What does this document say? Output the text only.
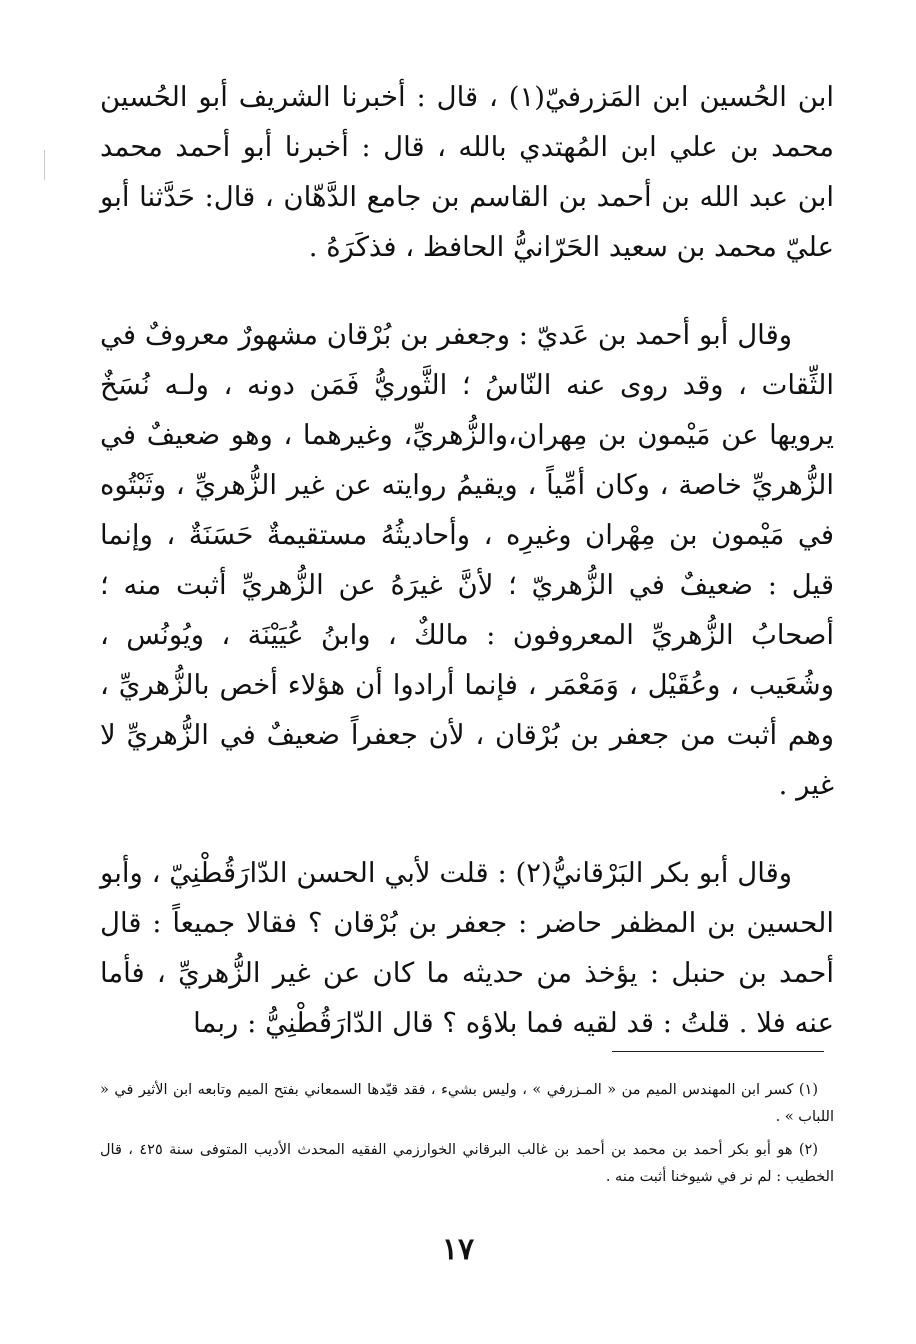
ابن الحُسين ابن المَزرفيّ(١) ، قال : أخبرنا الشريف أبو الحُسين محمد بن علي ابن المُهتدي بالله ، قال : أخبرنا أبو أحمد محمد ابن عبد الله بن أحمد بن القاسم بن جامع الدَّهّان ، قال: حَدَّثنا أبو عليّ محمد بن سعيد الحَرّانيُّ الحافظ ، فذكَرَهُ .

وقال أبو أحمد بن عَديّ : وجعفر بن بُرْقان مشهورٌ معروفٌ في الثِّقات ، وقد روى عنه النّاسُ ؛ الثَّوريُّ فَمَن دونه ، ولـه نُسَخٌ يرويها عن مَيْمون بن مِهران،والزُّهريِّ، وغيرهما ، وهو ضعيفٌ في الزُّهريِّ خاصة ، وكان أمِّياً ، ويقيمُ روايته عن غير الزُّهريِّ ، وثَبْتُوه في مَيْمون بن مِهْران وغيرِه ، وأحاديثُهُ مستقيمةٌ حَسَنَةٌ ، وإنما قيل : ضعيفٌ في الزُّهريّ ؛ لأنَّ غيرَهُ عن الزُّهريِّ أثبت منه ؛ أصحابُ الزُّهريِّ المعروفون : مالكٌ ، وابنُ عُيَيْنَة ، ويُونُس ، وشُعَيب ، وعُقَيْل ، وَمَعْمَر ، فإنما أرادوا أن هؤلاء أخص بالزُّهريِّ ، وهم أثبت من جعفر بن بُرْقان ، لأن جعفراً ضعيفٌ في الزُّهريِّ لا غير .

وقال أبو بكر البَرْقانيُّ(٢) : قلت لأبي الحسن الدّارَقُطْنِيّ ، وأبو الحسين بن المظفر حاضر : جعفر بن بُرْقان ؟ فقالا جميعاً : قال أحمد بن حنبل : يؤخذ من حديثه ما كان عن غير الزُّهريِّ ، فأما عنه فلا . قلتُ : قد لقيه فما بلاؤه ؟ قال الدّارَقُطْنِيُّ : ربما

(١) كسر ابن المهندس الميم من « المـزرفي » ، وليس بشيء ، فقد قيّدها السمعاني بفتح الميم وتابعه ابن الأثير في « اللباب » .

(٢) هو أبو بكر أحمد بن محمد بن أحمد بن غالب البرقاني الخوارزمي الفقيه المحدث الأديب المتوفى سنة ٤٢٥ ، قال الخطيب : لم نر في شيوخنا أثبت منه .

١٧
